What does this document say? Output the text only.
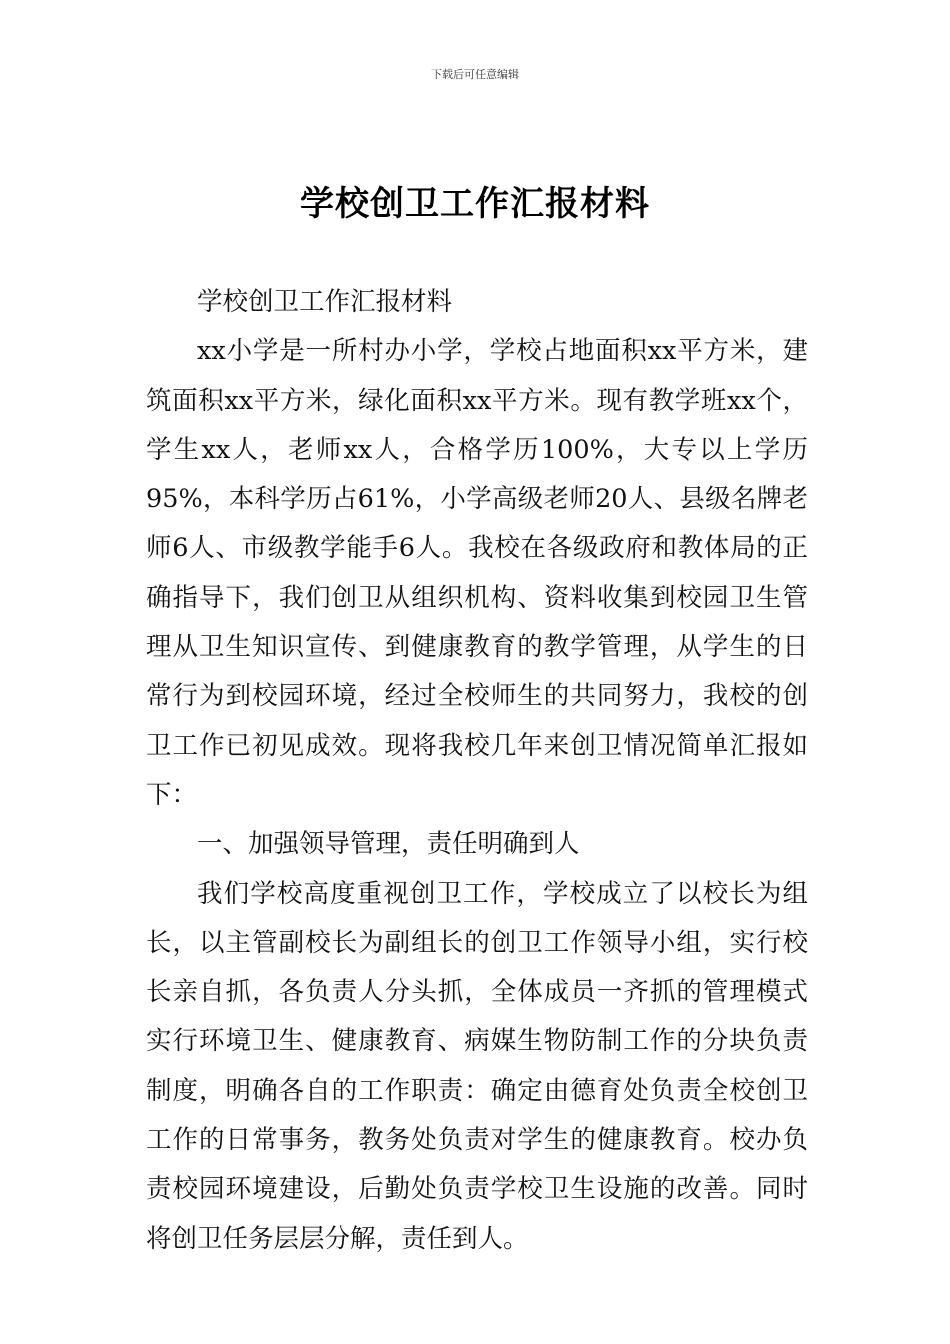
下载后可任意编辑
学校创卫工作汇报材料

学校创卫工作汇报材料

xx小学是一所村办小学，学校占地面积xx平方米，建筑面积xx平方米，绿化面积xx平方米。现有教学班xx个，学生xx人，老师xx人，合格学历100%，大专以上学历95%，本科学历占61%，小学高级老师20人、县级名牌老师6人、市级教学能手6人。我校在各级政府和教体局的正确指导下，我们创卫从组织机构、资料收集到校园卫生管理从卫生知识宣传、到健康教育的教学管理，从学生的日常行为到校园环境，经过全校师生的共同努力，我校的创卫工作已初见成效。现将我校几年来创卫情况简单汇报如下：

一、加强领导管理，责任明确到人

我们学校高度重视创卫工作，学校成立了以校长为组长，以主管副校长为副组长的创卫工作领导小组，实行校长亲自抓，各负责人分头抓，全体成员一齐抓的管理模式实行环境卫生、健康教育、病媒生物防制工作的分块负责制度，明确各自的工作职责：确定由德育处负责全校创卫工作的日常事务，教务处负责对学生的健康教育。校办负责校园环境建设，后勤处负责学校卫生设施的改善。同时将创卫任务层层分解，责任到人。
